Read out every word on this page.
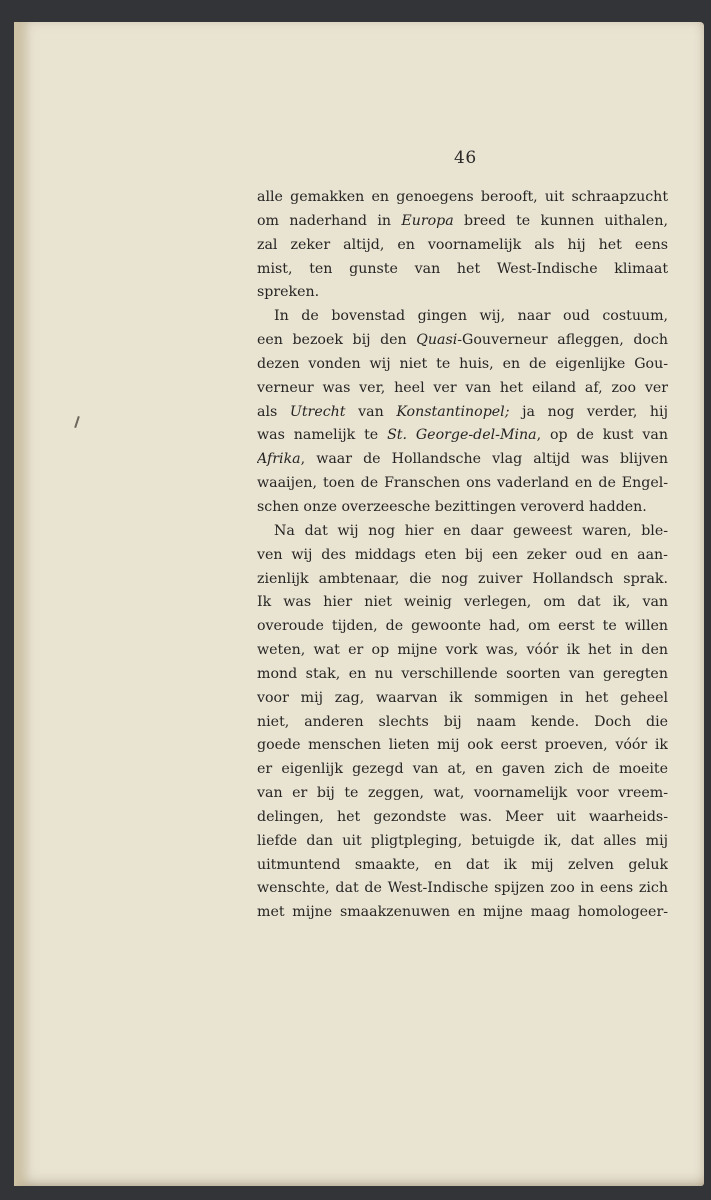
46
alle gemakken en genoegens berooft, uit schraapzucht
om naderhand in Europa breed te kunnen uithalen,
zal zeker altijd, en voornamelijk als hij het eens
mist, ten gunste van het West-Indische klimaat
spreken.
In de bovenstad gingen wij, naar oud costuum,
een bezoek bij den Quasi-Gouverneur afleggen, doch
dezen vonden wij niet te huis, en de eigenlijke Gou-
verneur was ver, heel ver van het eiland af, zoo ver
als Utrecht van Konstantinopel; ja nog verder, hij
was namelijk te St. George-del-Mina, op de kust van
Afrika, waar de Hollandsche vlag altijd was blijven
waaijen, toen de Franschen ons vaderland en de Engel-
schen onze overzeesche bezittingen veroverd hadden.
Na dat wij nog hier en daar geweest waren, ble-
ven wij des middags eten bij een zeker oud en aan-
zienlijk ambtenaar, die nog zuiver Hollandsch sprak.
Ik was hier niet weinig verlegen, om dat ik, van
overoude tijden, de gewoonte had, om eerst te willen
weten, wat er op mijne vork was, vóór ik het in den
mond stak, en nu verschillende soorten van geregten
voor mij zag, waarvan ik sommigen in het geheel
niet, anderen slechts bij naam kende. Doch die
goede menschen lieten mij ook eerst proeven, vóór ik
er eigenlijk gezegd van at, en gaven zich de moeite
van er bij te zeggen, wat, voornamelijk voor vreem-
delingen, het gezondste was. Meer uit waarheids-
liefde dan uit pligtpleging, betuigde ik, dat alles mij
uitmuntend smaakte, en dat ik mij zelven geluk
wenschte, dat de West-Indische spijzen zoo in eens zich
met mijne smaakzenuwen en mijne maag homologeer-
